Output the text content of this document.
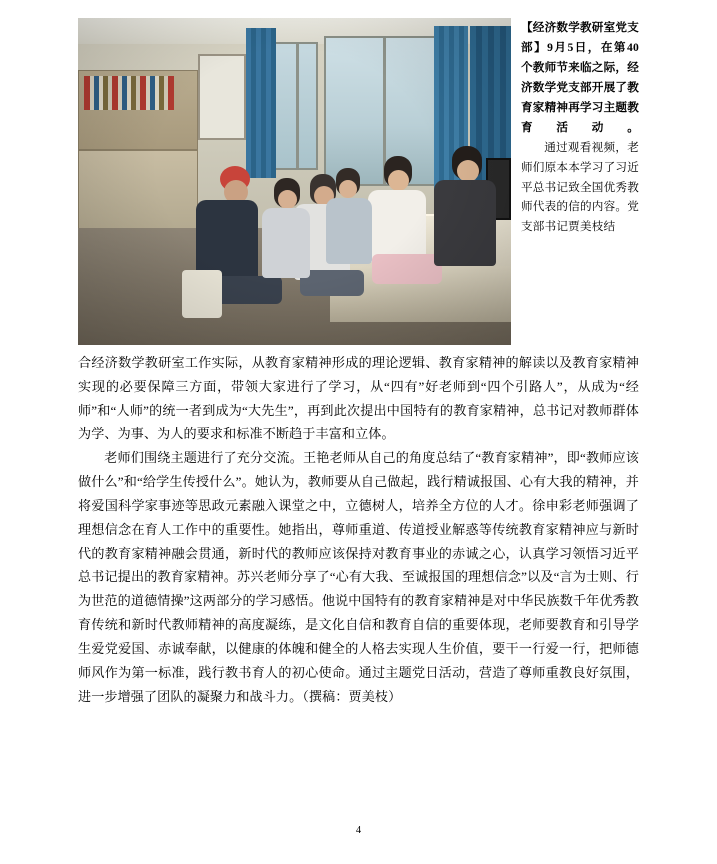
【经济数学教研室党支部】9月5日，在第40个教师节来临之际，经济数学党支部开展了教育家精神再学习主题教育活动。

通过观看视频，老师们原本本学习了习近平总书记致全国优秀教师代表的信的内容。党支部书记贾美枝结

合经济数学教研室工作实际，从教育家精神形成的理论逻辑、教育家精神的解读以及教育家精神实现的必要保障三方面，带领大家进行了学习，从“四有”好老师到“四个引路人”，从成为“经师”和“人师”的统一者到成为“大先生”，再到此次提出中国特有的教育家精神，总书记对教师群体为学、为事、为人的要求和标准不断趋于丰富和立体。

老师们围绕主题进行了充分交流。王艳老师从自己的角度总结了“教育家精神”，即“教师应该做什么”和“给学生传授什么”。她认为，教师要从自己做起，践行精诚报国、心有大我的精神，并将爱国科学家事迹等思政元素融入课堂之中，立德树人，培养全方位的人才。徐申彩老师强调了理想信念在育人工作中的重要性。她指出，尊师重道、传道授业解惑等传统教育家精神应与新时代的教育家精神融会贯通，新时代的教师应该保持对教育事业的赤诚之心，认真学习领悟习近平总书记提出的教育家精神。苏兴老师分享了“心有大我、至诚报国的理想信念”以及“言为士则、行为世范的道德情操”这两部分的学习感悟。他说中国特有的教育家精神是对中华民族数千年优秀教育传统和新时代教师精神的高度凝练，是文化自信和教育自信的重要体现，老师要教育和引导学生爱党爱国、赤诚奉献，以健康的体魄和健全的人格去实现人生价值，要干一行爱一行，把师德师风作为第一标准，践行教书育人的初心使命。通过主题党日活动，营造了尊师重教良好氛围，进一步增强了团队的凝聚力和战斗力。（撰稿：贾美枝）

4
